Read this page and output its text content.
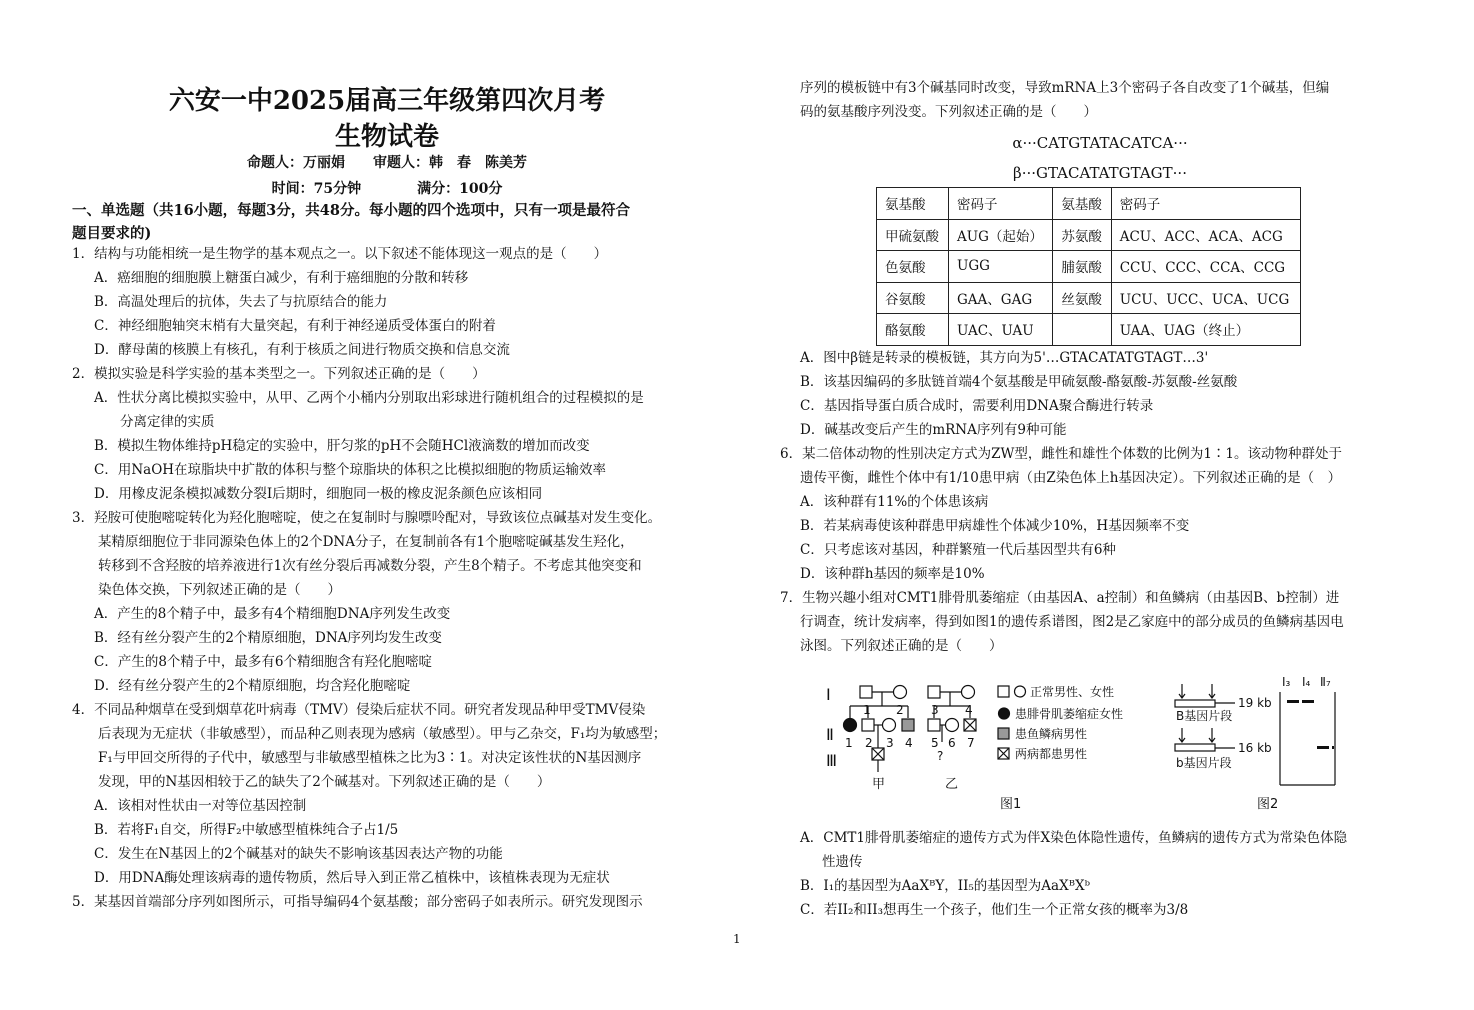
六安一中2025届高三年级第四次月考
生物试卷
命题人：万丽娟　　审题人：韩　春　陈美芳
时间：75分钟　　　　满分：100分
一、单选题（共16小题，每题3分，共48分。每小题的四个选项中，只有一项是最符合
题目要求的)
1．结构与功能相统一是生物学的基本观点之一。以下叙述不能体现这一观点的是（　　）
A．癌细胞的细胞膜上糖蛋白减少，有利于癌细胞的分散和转移
B．高温处理后的抗体，失去了与抗原结合的能力
C．神经细胞轴突末梢有大量突起，有利于神经递质受体蛋白的附着
D．酵母菌的核膜上有核孔，有利于核质之间进行物质交换和信息交流
2．模拟实验是科学实验的基本类型之一。下列叙述正确的是（　　）
A．性状分离比模拟实验中，从甲、乙两个小桶内分别取出彩球进行随机组合的过程模拟的是
分离定律的实质
B．模拟生物体维持pH稳定的实验中，肝匀浆的pH不会随HCl液滴数的增加而改变
C．用NaOH在琼脂块中扩散的体积与整个琼脂块的体积之比模拟细胞的物质运输效率
D．用橡皮泥条模拟减数分裂Ⅰ后期时，细胞同一极的橡皮泥条颜色应该相同
3．羟胺可使胞嘧啶转化为羟化胞嘧啶，使之在复制时与腺嘌呤配对，导致该位点碱基对发生变化。
某精原细胞位于非同源染色体上的2个DNA分子，在复制前各有1个胞嘧啶碱基发生羟化，
转移到不含羟胺的培养液进行1次有丝分裂后再减数分裂，产生8个精子。不考虑其他突变和
染色体交换，下列叙述正确的是（　　）
A．产生的8个精子中，最多有4个精细胞DNA序列发生改变
B．经有丝分裂产生的2个精原细胞，DNA序列均发生改变
C．产生的8个精子中，最多有6个精细胞含有羟化胞嘧啶
D．经有丝分裂产生的2个精原细胞，均含羟化胞嘧啶
4．不同品种烟草在受到烟草花叶病毒（TMV）侵染后症状不同。研究者发现品种甲受TMV侵染
后表现为无症状（非敏感型），而品种乙则表现为感病（敏感型）。甲与乙杂交，F₁均为敏感型；
F₁与甲回交所得的子代中，敏感型与非敏感型植株之比为3∶1。对决定该性状的N基因测序
发现，甲的N基因相较于乙的缺失了2个碱基对。下列叙述正确的是（　　）
A．该相对性状由一对等位基因控制
B．若将F₁自交，所得F₂中敏感型植株纯合子占1/5
C．发生在N基因上的2个碱基对的缺失不影响该基因表达产物的功能
D．用DNA酶处理该病毒的遗传物质，然后导入到正常乙植株中，该植株表现为无症状
5．某基因首端部分序列如图所示，可指导编码4个氨基酸；部分密码子如表所示。研究发现图示
序列的模板链中有3个碱基同时改变，导致mRNA上3个密码子各自改变了1个碱基，但编
码的氨基酸序列没变。下列叙述正确的是（　　）
α···CATGTATACATCA···
β···GTACATATGTAGT···
氨基酸	密码子	氨基酸	密码子
甲硫氨酸	AUG（起始）	苏氨酸	ACU、ACC、ACA、ACG
色氨酸	UGG	脯氨酸	CCU、CCC、CCA、CCG
谷氨酸	GAA、GAG	丝氨酸	UCU、UCC、UCA、UCG
酪氨酸	UAC、UAU		UAA、UAG（终止）
A．图中β链是转录的模板链，其方向为5'…GTACATATGTAGT…3'
B．该基因编码的多肽链首端4个氨基酸是甲硫氨酸-酪氨酸-苏氨酸-丝氨酸
C．基因指导蛋白质合成时，需要利用DNA聚合酶进行转录
D．碱基改变后产生的mRNA序列有9种可能
6．某二倍体动物的性别决定方式为ZW型，雌性和雄性个体数的比例为1∶1。该动物种群处于
遗传平衡，雌性个体中有1/10患甲病（由Z染色体上h基因决定）。下列叙述正确的是（　）
A．该种群有11%的个体患该病
B．若某病毒使该种群患甲病雄性个体减少10%，H基因频率不变
C．只考虑该对基因，种群繁殖一代后基因型共有6种
D．该种群h基因的频率是10%
7．生物兴趣小组对CMT1腓骨肌萎缩症（由基因A、a控制）和鱼鳞病（由基因B、b控制）进
行调查，统计发病率，得到如图1的遗传系谱图，图2是乙家庭中的部分成员的鱼鳞病基因电
泳图。下列叙述正确的是（　　）
Ⅰ
Ⅱ
Ⅲ
1 2 3 4
1 2 3 4 5 6 7
?
甲	乙
正常男性、女性
患腓骨肌萎缩症女性
患鱼鳞病男性
两病都患男性
图1
B基因片段
b基因片段
19 kb
16 kb
Ⅰ₃ Ⅰ₄ Ⅱ₇
图2
A．CMT1腓骨肌萎缩症的遗传方式为伴X染色体隐性遗传，鱼鳞病的遗传方式为常染色体隐
性遗传
B．I₁的基因型为AaXᴮY，II₅的基因型为AaXᴮXᵇ
C．若II₂和II₃想再生一个孩子，他们生一个正常女孩的概率为3/8
1
